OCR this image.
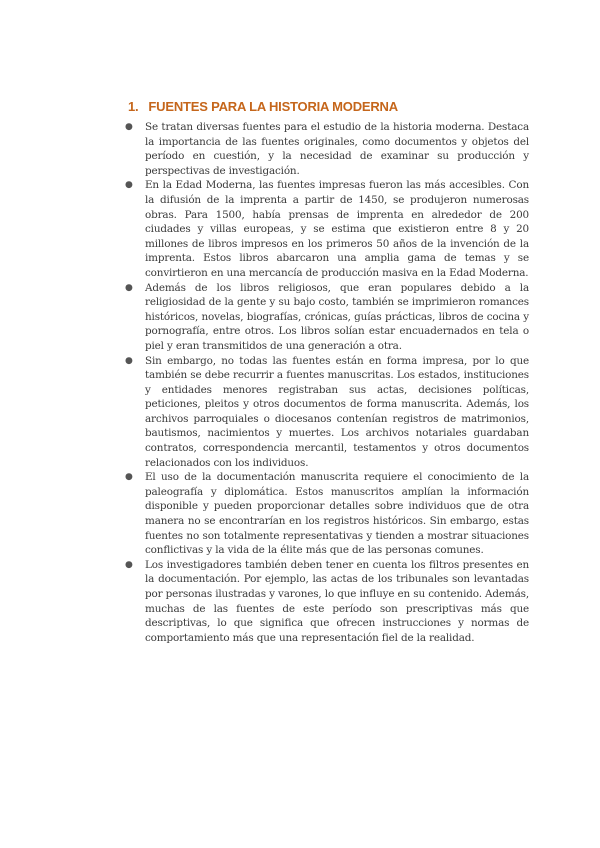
1. FUENTES PARA LA HISTORIA MODERNA
● Se tratan diversas fuentes para el estudio de la historia moderna. Destaca la importancia de las fuentes originales, como documentos y objetos del período en cuestión, y la necesidad de examinar su producción y perspectivas de investigación.
● En la Edad Moderna, las fuentes impresas fueron las más accesibles. Con la difusión de la imprenta a partir de 1450, se produjeron numerosas obras. Para 1500, había prensas de imprenta en alrededor de 200 ciudades y villas europeas, y se estima que existieron entre 8 y 20 millones de libros impresos en los primeros 50 años de la invención de la imprenta. Estos libros abarcaron una amplia gama de temas y se convirtieron en una mercancía de producción masiva en la Edad Moderna.
● Además de los libros religiosos, que eran populares debido a la religiosidad de la gente y su bajo costo, también se imprimieron romances históricos, novelas, biografías, crónicas, guías prácticas, libros de cocina y pornografía, entre otros. Los libros solían estar encuadernados en tela o piel y eran transmitidos de una generación a otra.
● Sin embargo, no todas las fuentes están en forma impresa, por lo que también se debe recurrir a fuentes manuscritas. Los estados, instituciones y entidades menores registraban sus actas, decisiones políticas, peticiones, pleitos y otros documentos de forma manuscrita. Además, los archivos parroquiales o diocesanos contenían registros de matrimonios, bautismos, nacimientos y muertes. Los archivos notariales guardaban contratos, correspondencia mercantil, testamentos y otros documentos relacionados con los individuos.
● El uso de la documentación manuscrita requiere el conocimiento de la paleografía y diplomática. Estos manuscritos amplían la información disponible y pueden proporcionar detalles sobre individuos que de otra manera no se encontrarían en los registros históricos. Sin embargo, estas fuentes no son totalmente representativas y tienden a mostrar situaciones conflictivas y la vida de la élite más que de las personas comunes.
● Los investigadores también deben tener en cuenta los filtros presentes en la documentación. Por ejemplo, las actas de los tribunales son levantadas por personas ilustradas y varones, lo que influye en su contenido. Además, muchas de las fuentes de este período son prescriptivas más que descriptivas, lo que significa que ofrecen instrucciones y normas de comportamiento más que una representación fiel de la realidad.
